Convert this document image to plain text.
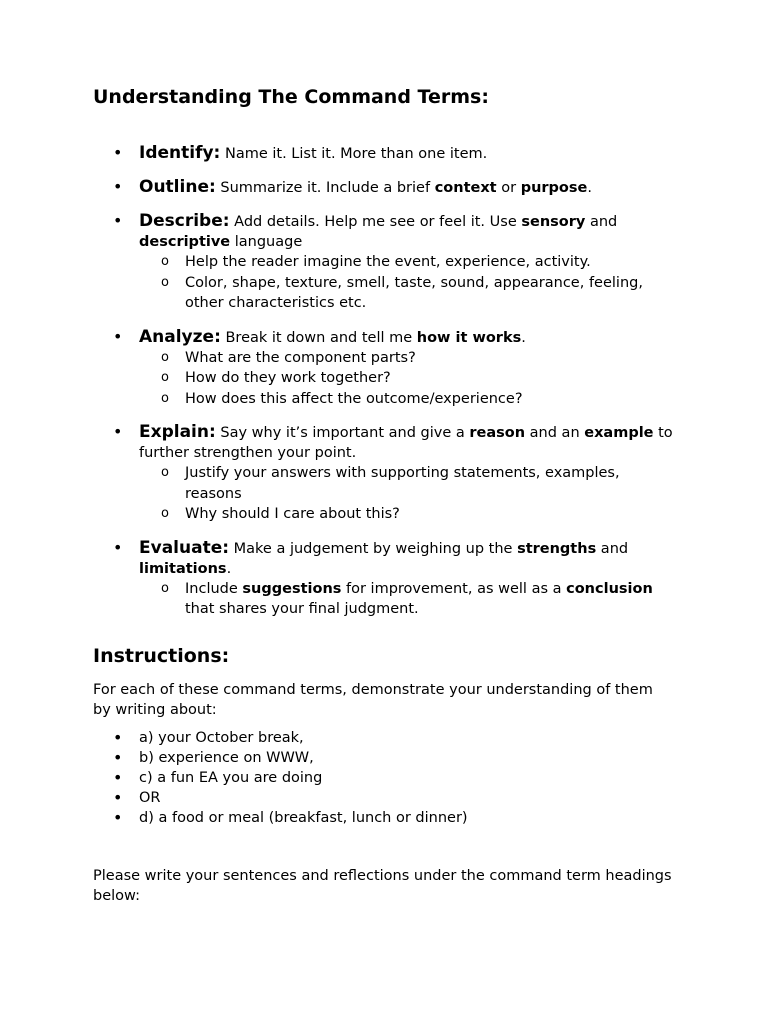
Understanding The Command Terms:
• Identify: Name it. List it. More than one item.
• Outline: Summarize it. Include a brief context or purpose.
• Describe: Add details. Help me see or feel it. Use sensory and descriptive language
o Help the reader imagine the event, experience, activity.
o Color, shape, texture, smell, taste, sound, appearance, feeling, other characteristics etc.
• Analyze: Break it down and tell me how it works.
o What are the component parts?
o How do they work together?
o How does this affect the outcome/experience?
• Explain: Say why it’s important and give a reason and an example to further strengthen your point.
o Justify your answers with supporting statements, examples, reasons
o Why should I care about this?
• Evaluate: Make a judgement by weighing up the strengths and limitations.
o Include suggestions for improvement, as well as a conclusion that shares your final judgment.
Instructions:

For each of these command terms, demonstrate your understanding of them by writing about:

• a) your October break,
• b) experience on WWW,
• c) a fun EA you are doing
• OR
• d) a food or meal (breakfast, lunch or dinner)

Please write your sentences and reflections under the command term headings below:
